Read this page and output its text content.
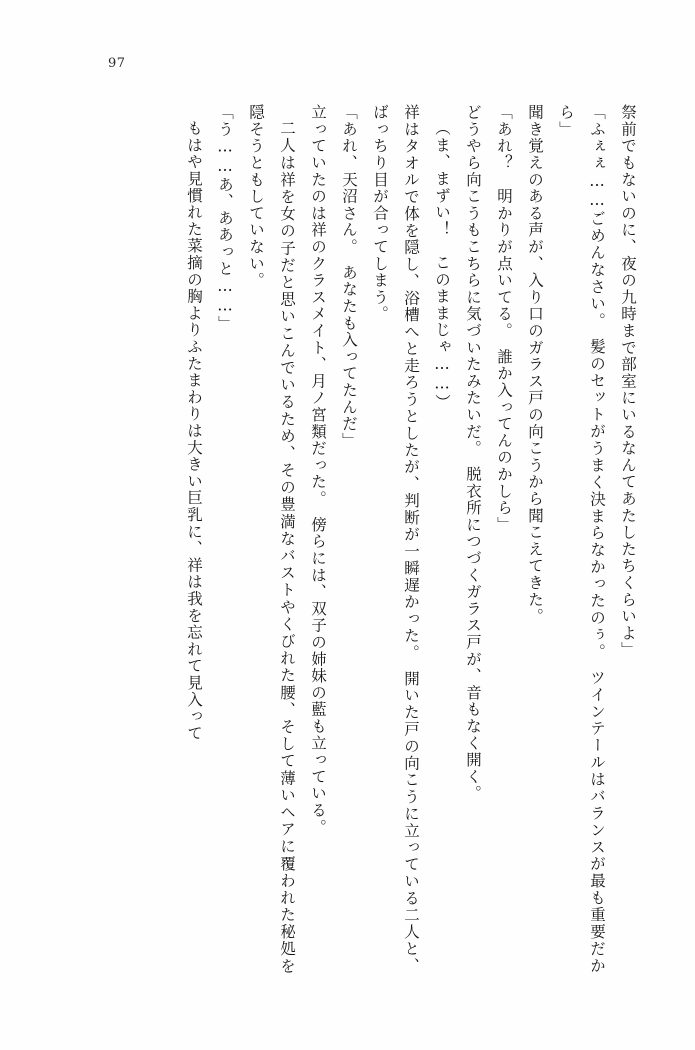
97

祭前でもないのに、夜の九時まで部室にいるなんてあたしたちくらいよ」

「ふぇぇ……ごめんなさい。　髪のセットがうまく決まらなかったのぅ。　ツインテールはバランスが最も重要だから」

聞き覚えのある声が、入り口のガラス戸の向こうから聞こえてきた。

「あれ？　明かりが点いてる。　誰か入ってんのかしら」

どうやら向こうもこちらに気づいたみたいだ。　脱衣所につづくガラス戸が、音もなく開く。

（ま、まずい！　このままじゃ……）

祥はタオルで体を隠し、浴槽へと走ろうとしたが、判断が一瞬遅かった。　開いた戸の向こうに立っている二人と、ばっちり目が合ってしまう。

「あれ、天沼さん。　あなたも入ってたんだ」

立っていたのは祥のクラスメイト、月ノ宮類だった。　傍らには、双子の姉妹の藍も立っている。

二人は祥を女の子だと思いこんでいるため、その豊満なバストやくびれた腰、そして薄いヘアに覆われた秘処を隠そうともしていない。

「う……あ、ああっと……」

もはや見慣れた菜摘の胸よりふたまわりは大きい巨乳に、祥は我を忘れて見入って
